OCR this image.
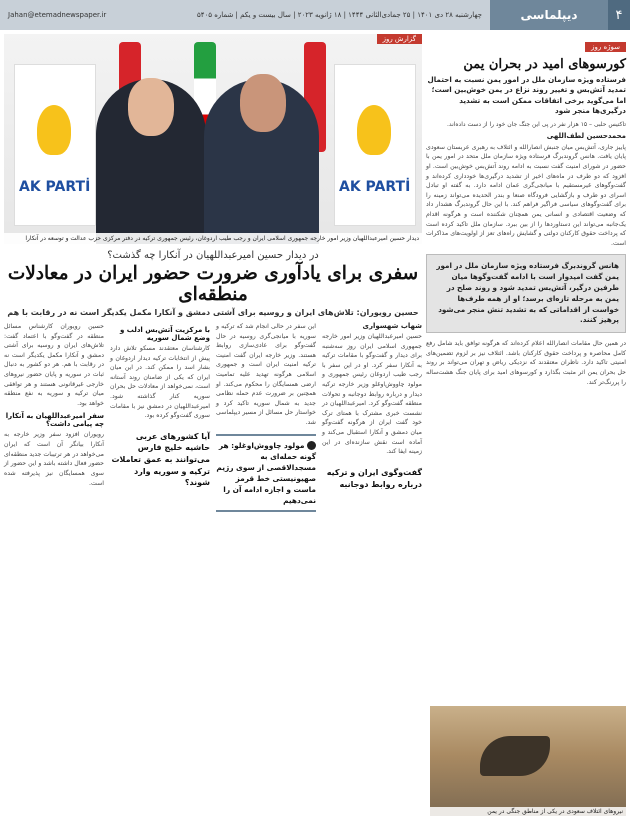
۴
دیپلماسی
چهارشنبه ۲۸ دی ۱۴۰۱ | ۲۵ جمادی‌الثانی ۱۴۴۴ | ۱۸ ژانویه ۲۰۲۳ | سال بیست و یکم | شماره ۵۴۰۵
Jahan@etemadnewspaper.ir
سوژه روز
کورسوهای امید در بحران یمن
فرستاده ویژه سازمان ملل در امور یمن نسبت به احتمال تمدید آتش‌بس و تغییر روند نزاع در یمن خوش‌بین است؛ اما می‌گوید برخی اتفاقات ممکن است به تشدید درگیری‌ها منجر شود
تاکتیس حلبی – ۱۵ هزار نفر در پی این جنگ جان خود را از دست داده‌اند.
محمدحسین لطف‌اللهی
پاییز جاری، آتش‌بس میان جنبش انصارالله و ائتلاف به رهبری عربستان سعودی پایان یافت. هانس گروندبرگ فرستاده ویژه سازمان ملل متحد در امور یمن با حضور در شورای امنیت گفت نسبت به ادامه روند آتش‌بس خوش‌بین است. او افزود که دو طرف در ماه‌های اخیر از تشدید درگیری‌ها خودداری کرده‌اند و گفت‌وگوهای غیرمستقیم با میانجی‌گری عمان ادامه دارد. به گفته او تبادل اسرای دو طرف و بازگشایی فرودگاه صنعا و بندر الحدیده می‌تواند زمینه را برای گفت‌وگوهای سیاسی فراگیر فراهم کند. با این حال گروندبرگ هشدار داد که وضعیت اقتصادی و انسانی یمن همچنان شکننده است و هرگونه اقدام یک‌جانبه می‌تواند این دستاوردها را از بین ببرد. سازمان ملل تاکید کرده است که پرداخت حقوق کارکنان دولتی و گشایش راه‌های تعز از اولویت‌های مذاکرات است.
هانس گروندبرگ فرستاده ویژه سازمان ملل در امور یمن گفت امیدوار است با ادامه گفت‌وگوها میان طرفین درگیر، آتش‌بس تمدید شود و روند صلح در یمن به مرحله تازه‌ای برسد؛ او از همه طرف‌ها خواست از اقداماتی که به تشدید تنش منجر می‌شود پرهیز کنند.
در همین حال مقامات انصارالله اعلام کرده‌اند که هرگونه توافق باید شامل رفع کامل محاصره و پرداخت حقوق کارکنان باشد. ائتلاف نیز بر لزوم تضمین‌های امنیتی تاکید دارد. ناظران معتقدند که نزدیکی ریاض و تهران می‌تواند بر روند حل بحران یمن اثر مثبت بگذارد و کورسوهای امید برای پایان جنگ هشت‌ساله را پررنگ‌تر کند.
نیروهای ائتلاف سعودی در یکی از مناطق جنگی در یمن
گزارش روز
AK PARTİ	AK PARTİ
دیدار حسین امیرعبداللهیان وزیر امور خارجه جمهوری اسلامی ایران و رجب طیب اردوغان، رئیس جمهوری ترکیه در دفتر مرکزی حزب عدالت و توسعه در آنکارا
در دیدار حسین امیرعبداللهیان در آنکارا چه گذشت؟
سفری برای یادآوری ضرورت حضور ایران در معادلات منطقه‌ای
حسین رویوران: تلاش‌های ایران و روسیه برای آشتی دمشق و آنکارا مکمل یکدیگر است نه در رقابت با هم
شهاب شهسواری
حسین امیرعبداللهیان وزیر امور خارجه جمهوری اسلامی ایران روز سه‌شنبه برای دیدار و گفت‌وگو با مقامات ترکیه به آنکارا سفر کرد. او در این سفر با رجب طیب اردوغان رئیس جمهوری و مولود چاووش‌اوغلو وزیر خارجه ترکیه دیدار و درباره روابط دوجانبه و تحولات منطقه گفت‌وگو کرد. امیرعبداللهیان در نشست خبری مشترک با همتای ترک خود گفت ایران از هرگونه گفت‌وگو میان دمشق و آنکارا استقبال می‌کند و آماده است نقش سازنده‌ای در این زمینه ایفا کند.
گفت‌وگوی ایران و ترکیه درباره روابط دوجانبه
این سفر در حالی انجام شد که ترکیه و سوریه با میانجی‌گری روسیه در حال گفت‌وگو برای عادی‌سازی روابط هستند. وزیر خارجه ایران گفت امنیت ترکیه امنیت ایران است و جمهوری اسلامی هرگونه تهدید علیه تمامیت ارضی همسایگان را محکوم می‌کند. او همچنین بر ضرورت عدم حمله نظامی جدید به شمال سوریه تاکید کرد و خواستار حل مسائل از مسیر دیپلماسی شد.
مولود چاووش‌اوغلو: هر گونه حمله‌ای به مسجدالاقصی از سوی رژیم صهیونیستی خط قرمز ماست و اجازه ادامه آن را نمی‌دهیم
با مرکزیت آتش‌بس ادلب و وضع شمال سوریه
کارشناسان معتقدند مسکو تلاش دارد پیش از انتخابات ترکیه دیدار اردوغان و بشار اسد را ممکن کند. در این میان ایران که یکی از ضامنان روند آستانه است، نمی‌خواهد از معادلات حل بحران سوریه کنار گذاشته شود. امیرعبداللهیان در دمشق نیز با مقامات سوری گفت‌وگو کرده بود.
آیا کشورهای عربی حاشیه خلیج فارس می‌توانند به عمق تعاملات ترکیه و سوریه وارد شوند؟
حسین رویوران کارشناس مسائل منطقه در گفت‌وگو با اعتماد گفت: تلاش‌های ایران و روسیه برای آشتی دمشق و آنکارا مکمل یکدیگر است نه در رقابت با هم. هر دو کشور به دنبال ثبات در سوریه و پایان حضور نیروهای خارجی غیرقانونی هستند و هر توافقی میان ترکیه و سوریه به نفع منطقه خواهد بود.
سفر امیرعبداللهیان به آنکارا چه پیامی داشت؟
رویوران افزود سفر وزیر خارجه به آنکارا بیانگر آن است که ایران می‌خواهد در هر ترتیبات جدید منطقه‌ای حضور فعال داشته باشد و این حضور از سوی همسایگان نیز پذیرفته شده است.
